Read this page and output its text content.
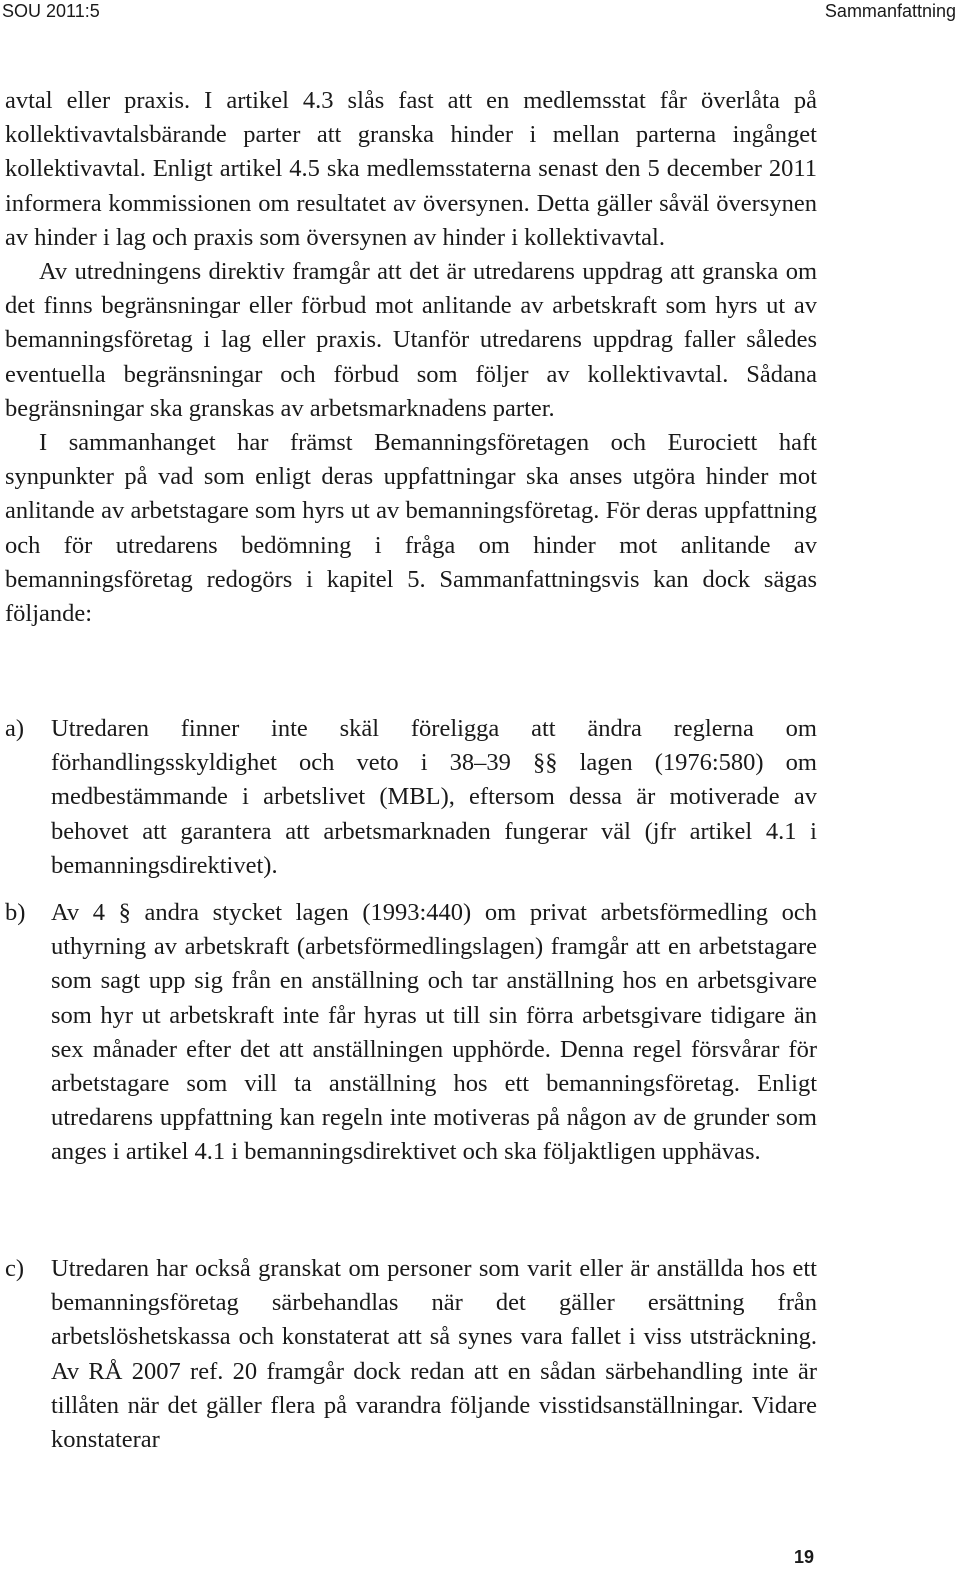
SOU 2011:5	Sammanfattning

avtal eller praxis. I artikel 4.3 slås fast att en medlemsstat får överlåta på kollektivavtalsbärande parter att granska hinder i mellan parterna ingånget kollektivavtal. Enligt artikel 4.5 ska medlemsstaterna senast den 5 december 2011 informera kommissionen om resultatet av översynen. Detta gäller såväl översynen av hinder i lag och praxis som översynen av hinder i kollektivavtal.

Av utredningens direktiv framgår att det är utredarens uppdrag att granska om det finns begränsningar eller förbud mot anlitande av arbetskraft som hyrs ut av bemanningsföretag i lag eller praxis. Utanför utredarens uppdrag faller således eventuella begränsningar och förbud som följer av kollektivavtal. Sådana begränsningar ska granskas av arbetsmarknadens parter.

I sammanhanget har främst Bemanningsföretagen och Eurociett haft synpunkter på vad som enligt deras uppfattningar ska anses utgöra hinder mot anlitande av arbetstagare som hyrs ut av bemanningsföretag. För deras uppfattning och för utredarens bedömning i fråga om hinder mot anlitande av bemanningsföretag redogörs i kapitel 5. Sammanfattningsvis kan dock sägas följande:

a) Utredaren finner inte skäl föreligga att ändra reglerna om förhandlingsskyldighet och veto i 38–39 §§ lagen (1976:580) om medbestämmande i arbetslivet (MBL), eftersom dessa är motiverade av behovet att garantera att arbetsmarknaden fungerar väl (jfr artikel 4.1 i bemanningsdirektivet).
b) Av 4 § andra stycket lagen (1993:440) om privat arbetsförmedling och uthyrning av arbetskraft (arbetsförmedlingslagen) framgår att en arbetstagare som sagt upp sig från en anställning och tar anställning hos en arbetsgivare som hyr ut arbetskraft inte får hyras ut till sin förra arbetsgivare tidigare än sex månader efter det att anställningen upphörde. Denna regel försvårar för arbetstagare som vill ta anställning hos ett bemanningsföretag. Enligt utredarens uppfattning kan regeln inte motiveras på någon av de grunder som anges i artikel 4.1 i bemanningsdirektivet och ska följaktligen upphävas.
c) Utredaren har också granskat om personer som varit eller är anställda hos ett bemanningsföretag särbehandlas när det gäller ersättning från arbetslöshetskassa och konstaterat att så synes vara fallet i viss utsträckning. Av RÅ 2007 ref. 20 framgår dock redan att en sådan särbehandling inte är tillåten när det gäller flera på varandra följande visstidsanställningar. Vidare konstaterar
19
